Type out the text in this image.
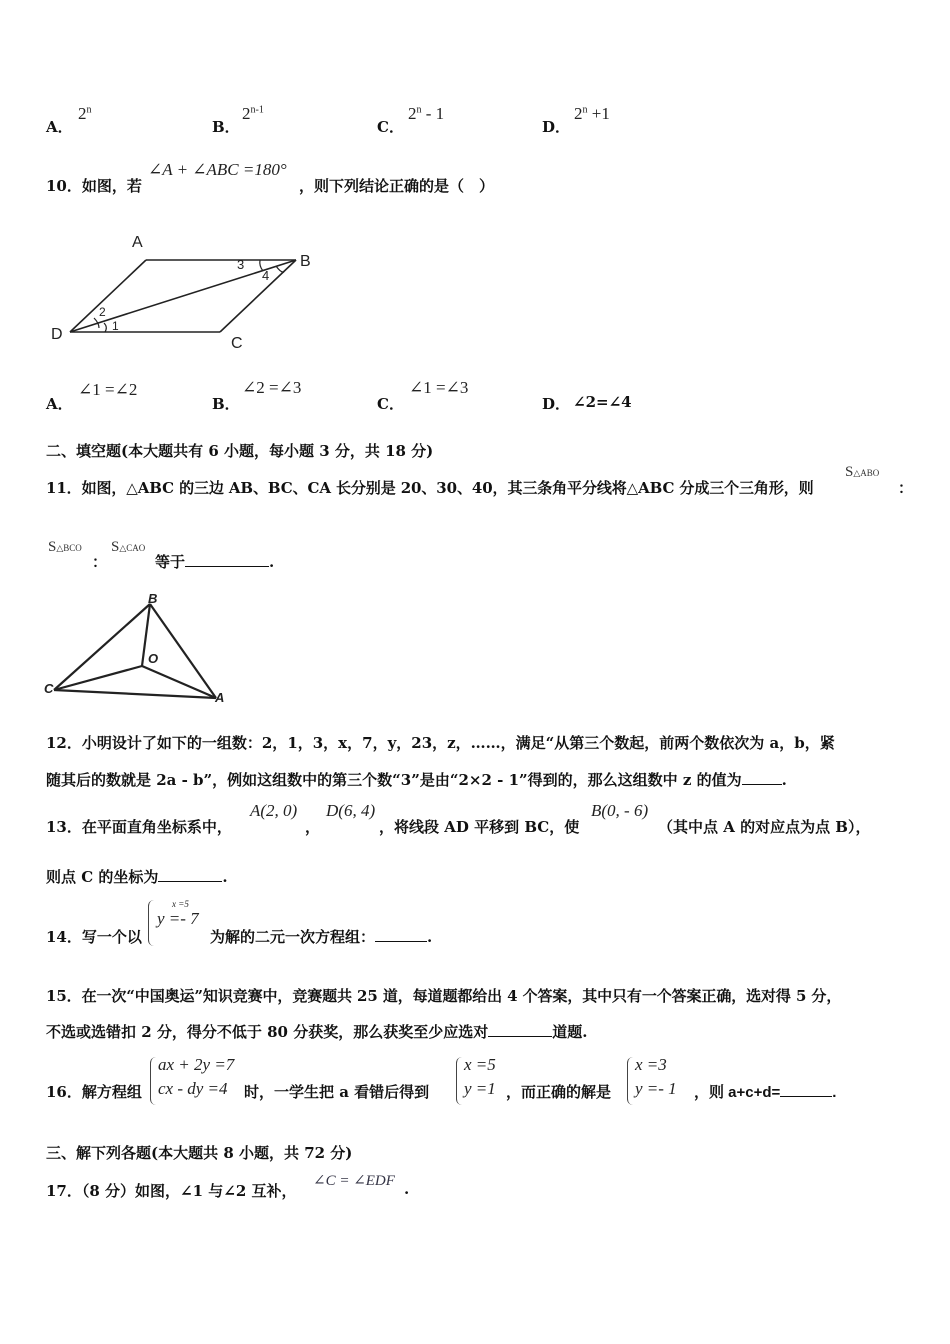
A．
2$^n$
B．
2$^{n-1}$
C．
2$^n$ - 1
D．
$2^n +1$
10．如图，若
∠A + ∠ABC =180°
，则下列结论正确的是（　）
A
B
C
D	1
2
3
4
A．
∠1 =∠2
B．
∠2 =∠3
C．
∠1 =∠3
D． ∠2=∠4
二、填空题(本大题共有 6 小题，每小题 3 分，共 18 分)
11．如图，△ABC 的三边 AB、BC、CA 长分别是 20、30、40，其三条角平分线将△ABC 分成三个三角形，则
S△ABO
：
S△BCO
：
S△CAO
等于	.
B
O
C
A
12．小明设计了如下的一组数：2，1，3，x，7，y，23，z，……，满足“从第三个数起，前两个数依次为 a，b，紧
随其后的数就是 2a - b”，例如这组数中的第三个数“3”是由“2×2 - 1”得到的，那么这组数中 z 的值为	.
13．在平面直角坐标系中，
A(2, 0)
，
D(6, 4)
，将线段 AD 平移到 BC，使
B(0, - 6)
（其中点 A 的对应点为点 B），
则点 C 的坐标为	.
14．写一个以
x =5
y =- 7
为解的二元一次方程组：	.
15．在一次“中国奥运”知识竞赛中，竞赛题共 25 道，每道题都给出 4 个答案，其中只有一个答案正确，选对得 5 分，
不选或选错扣 2 分，得分不低于 80 分获奖，那么获奖至少应选对	道题.
16．解方程组
ax + 2y =7
cx - dy =4	时，一学生把 a 看错后得到
x =5
y =1 ，而正确的解是
x =3
y =- 1 ，则 a+c+d=	.
三、解下列各题(本大题共 8 小题，共 72 分)
17．（8 分）如图，∠1 与∠2 互补，
∠C = ∠EDF .
